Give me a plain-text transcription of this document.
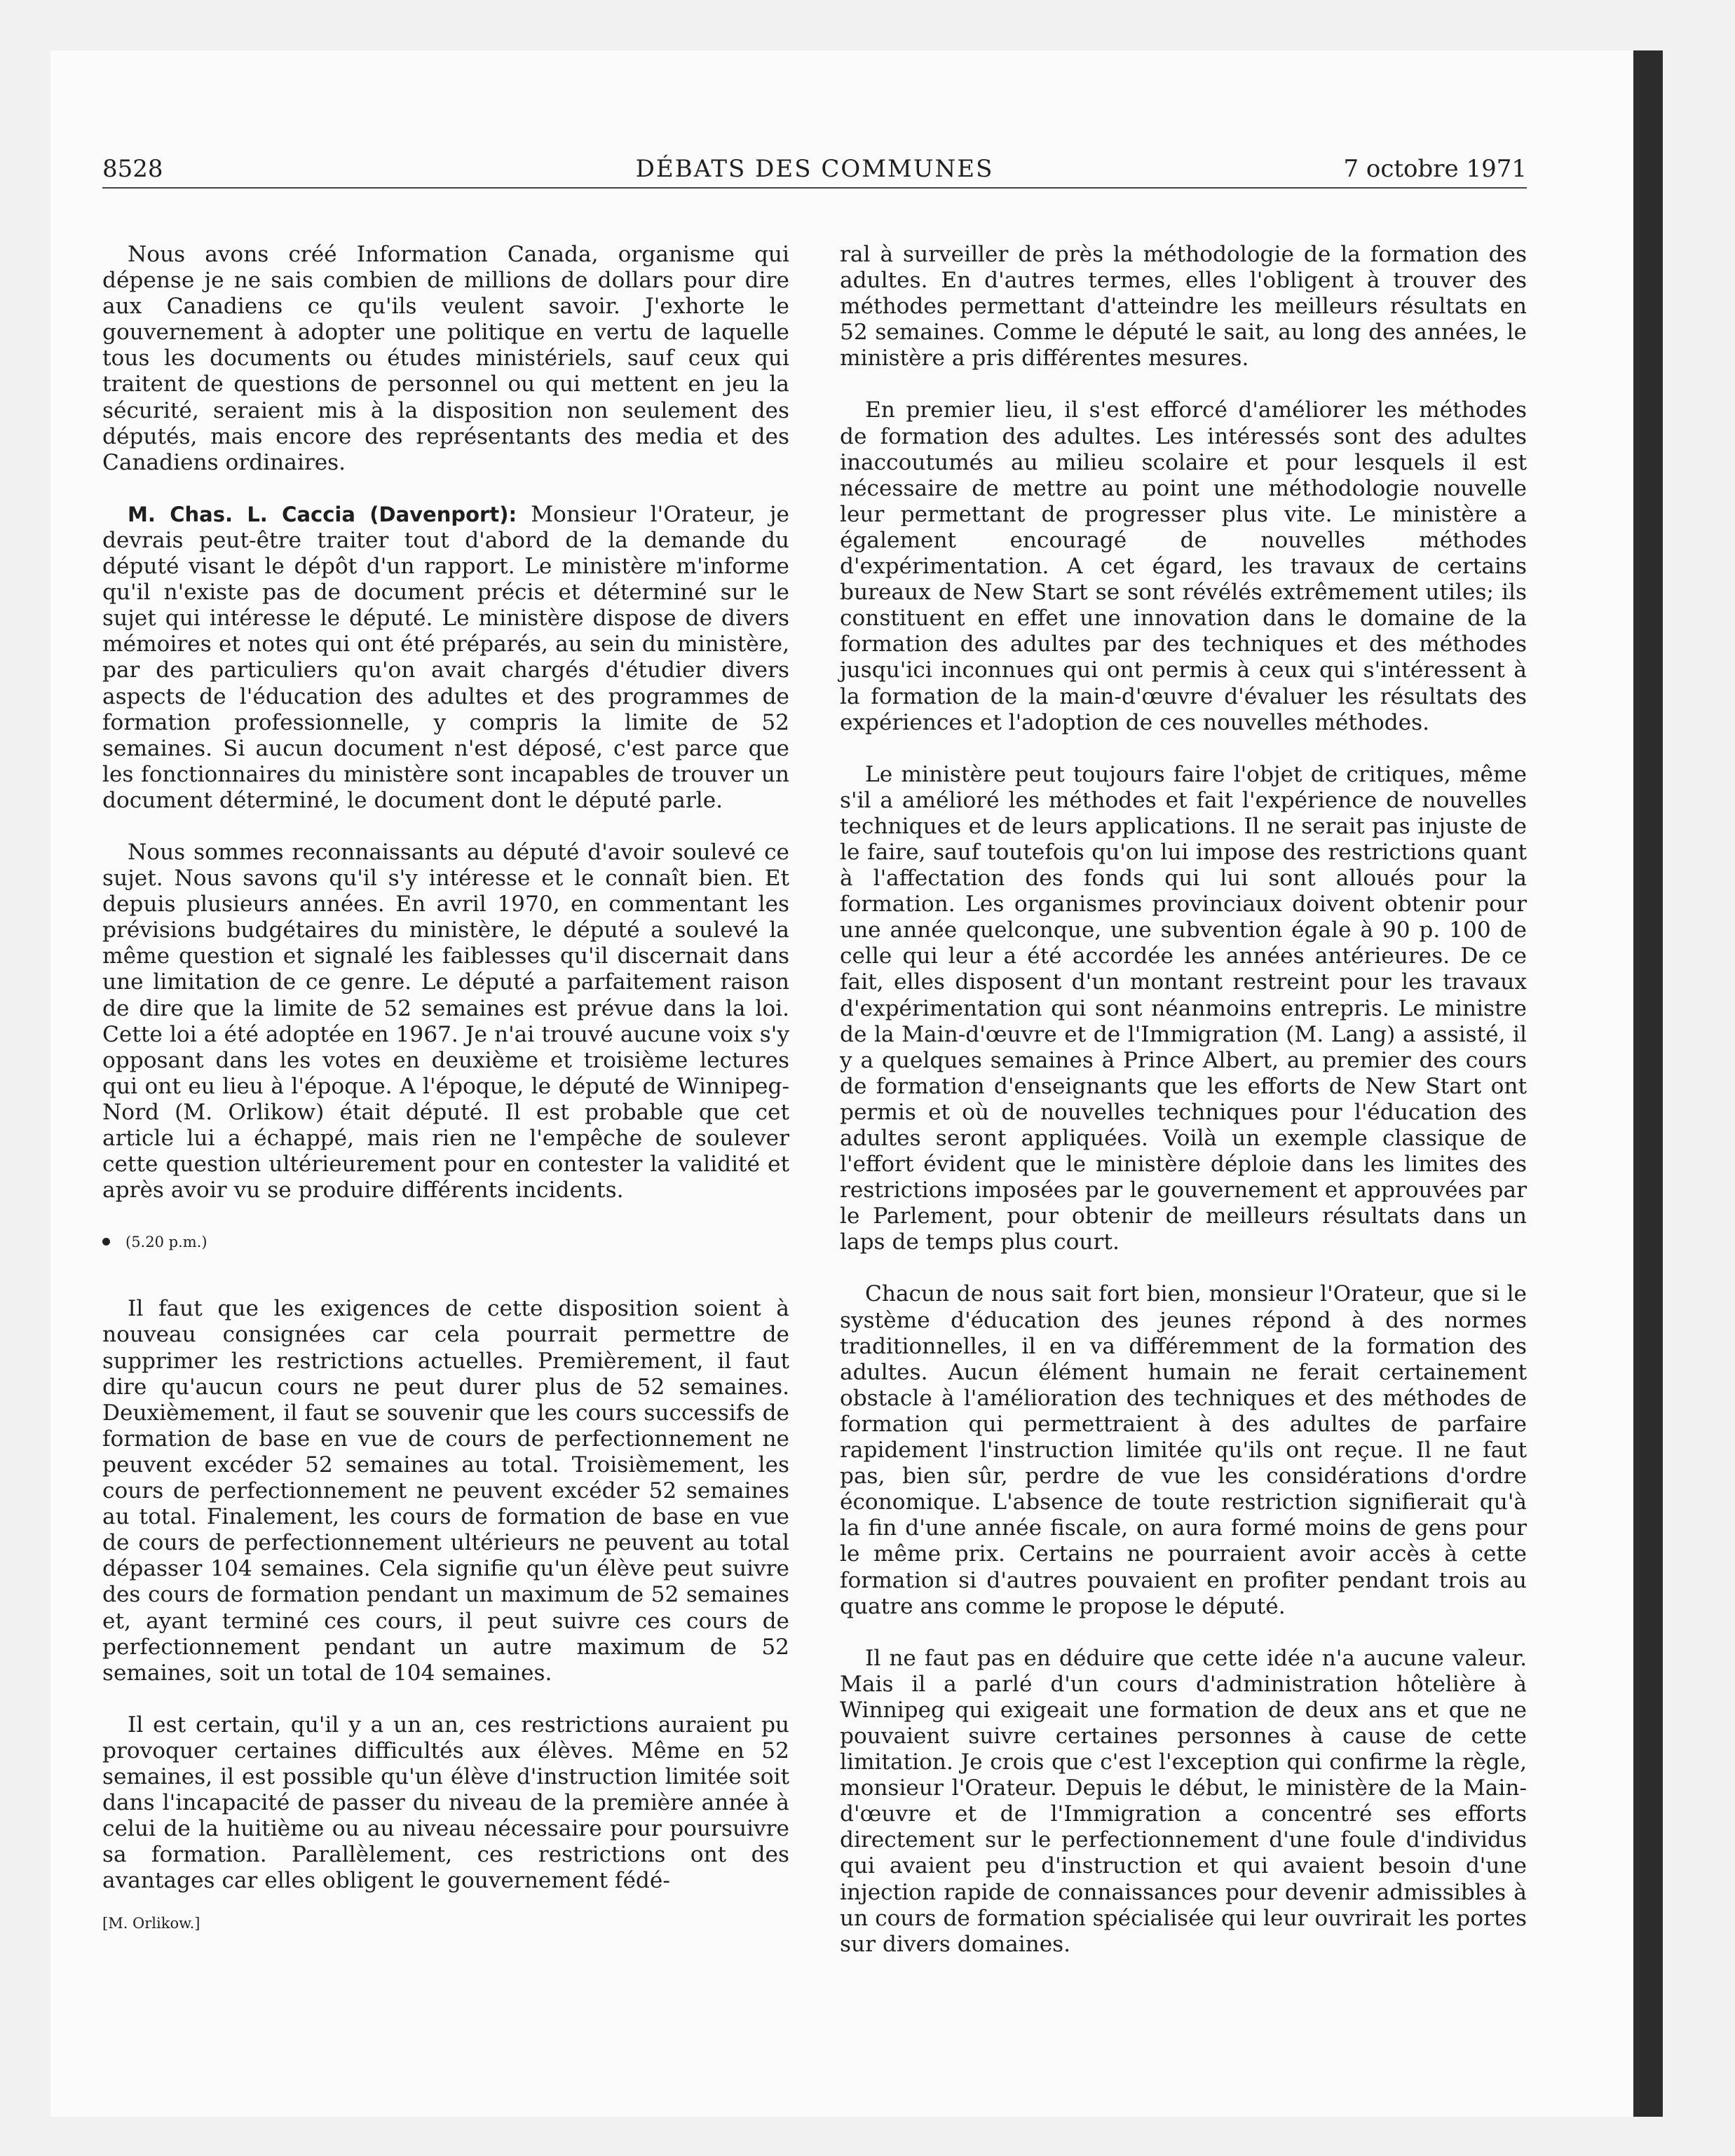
8528	DÉBATS DES COMMUNES	7 octobre 1971

Nous avons créé Information Canada, organisme qui dépense je ne sais combien de millions de dollars pour dire aux Canadiens ce qu'ils veulent savoir. J'exhorte le gouvernement à adopter une politique en vertu de laquelle tous les documents ou études ministériels, sauf ceux qui traitent de questions de personnel ou qui mettent en jeu la sécurité, seraient mis à la disposition non seulement des députés, mais encore des représentants des media et des Canadiens ordinaires.

M. Chas. L. Caccia (Davenport): Monsieur l'Orateur, je devrais peut-être traiter tout d'abord de la demande du député visant le dépôt d'un rapport. Le ministère m'informe qu'il n'existe pas de document précis et déterminé sur le sujet qui intéresse le député. Le ministère dispose de divers mémoires et notes qui ont été préparés, au sein du ministère, par des particuliers qu'on avait chargés d'étudier divers aspects de l'éducation des adultes et des programmes de formation professionnelle, y compris la limite de 52 semaines. Si aucun document n'est déposé, c'est parce que les fonctionnaires du ministère sont incapables de trouver un document déterminé, le document dont le député parle.

Nous sommes reconnaissants au député d'avoir soulevé ce sujet. Nous savons qu'il s'y intéresse et le connaît bien. Et depuis plusieurs années. En avril 1970, en commentant les prévisions budgétaires du ministère, le député a soulevé la même question et signalé les faiblesses qu'il discernait dans une limitation de ce genre. Le député a parfaitement raison de dire que la limite de 52 semaines est prévue dans la loi. Cette loi a été adoptée en 1967. Je n'ai trouvé aucune voix s'y opposant dans les votes en deuxième et troisième lectures qui ont eu lieu à l'époque. A l'époque, le député de Winnipeg-Nord (M. Orlikow) était député. Il est probable que cet article lui a échappé, mais rien ne l'empêche de soulever cette question ultérieurement pour en contester la validité et après avoir vu se produire différents incidents.

(5.20 p.m.)

Il faut que les exigences de cette disposition soient à nouveau consignées car cela pourrait permettre de supprimer les restrictions actuelles. Premièrement, il faut dire qu'aucun cours ne peut durer plus de 52 semaines. Deuxièmement, il faut se souvenir que les cours successifs de formation de base en vue de cours de perfectionnement ne peuvent excéder 52 semaines au total. Troisièmement, les cours de perfectionnement ne peuvent excéder 52 semaines au total. Finalement, les cours de formation de base en vue de cours de perfectionnement ultérieurs ne peuvent au total dépasser 104 semaines. Cela signifie qu'un élève peut suivre des cours de formation pendant un maximum de 52 semaines et, ayant terminé ces cours, il peut suivre ces cours de perfectionnement pendant un autre maximum de 52 semaines, soit un total de 104 semaines.

Il est certain, qu'il y a un an, ces restrictions auraient pu provoquer certaines difficultés aux élèves. Même en 52 semaines, il est possible qu'un élève d'instruction limitée soit dans l'incapacité de passer du niveau de la première année à celui de la huitième ou au niveau nécessaire pour poursuivre sa formation. Parallèlement, ces restrictions ont des avantages car elles obligent le gouvernement fédé-

[M. Orlikow.]

ral à surveiller de près la méthodologie de la formation des adultes. En d'autres termes, elles l'obligent à trouver des méthodes permettant d'atteindre les meilleurs résultats en 52 semaines. Comme le député le sait, au long des années, le ministère a pris différentes mesures.

En premier lieu, il s'est efforcé d'améliorer les méthodes de formation des adultes. Les intéressés sont des adultes inaccoutumés au milieu scolaire et pour lesquels il est nécessaire de mettre au point une méthodologie nouvelle leur permettant de progresser plus vite. Le ministère a également encouragé de nouvelles méthodes d'expérimentation. A cet égard, les travaux de certains bureaux de New Start se sont révélés extrêmement utiles; ils constituent en effet une innovation dans le domaine de la formation des adultes par des techniques et des méthodes jusqu'ici inconnues qui ont permis à ceux qui s'intéressent à la formation de la main-d'œuvre d'évaluer les résultats des expériences et l'adoption de ces nouvelles méthodes.

Le ministère peut toujours faire l'objet de critiques, même s'il a amélioré les méthodes et fait l'expérience de nouvelles techniques et de leurs applications. Il ne serait pas injuste de le faire, sauf toutefois qu'on lui impose des restrictions quant à l'affectation des fonds qui lui sont alloués pour la formation. Les organismes provinciaux doivent obtenir pour une année quelconque, une subvention égale à 90 p. 100 de celle qui leur a été accordée les années antérieures. De ce fait, elles disposent d'un montant restreint pour les travaux d'expérimentation qui sont néanmoins entrepris. Le ministre de la Main-d'œuvre et de l'Immigration (M. Lang) a assisté, il y a quelques semaines à Prince Albert, au premier des cours de formation d'enseignants que les efforts de New Start ont permis et où de nouvelles techniques pour l'éducation des adultes seront appliquées. Voilà un exemple classique de l'effort évident que le ministère déploie dans les limites des restrictions imposées par le gouvernement et approuvées par le Parlement, pour obtenir de meilleurs résultats dans un laps de temps plus court.

Chacun de nous sait fort bien, monsieur l'Orateur, que si le système d'éducation des jeunes répond à des normes traditionnelles, il en va différemment de la formation des adultes. Aucun élément humain ne ferait certainement obstacle à l'amélioration des techniques et des méthodes de formation qui permettraient à des adultes de parfaire rapidement l'instruction limitée qu'ils ont reçue. Il ne faut pas, bien sûr, perdre de vue les considérations d'ordre économique. L'absence de toute restriction signifierait qu'à la fin d'une année fiscale, on aura formé moins de gens pour le même prix. Certains ne pourraient avoir accès à cette formation si d'autres pouvaient en profiter pendant trois au quatre ans comme le propose le député.

Il ne faut pas en déduire que cette idée n'a aucune valeur. Mais il a parlé d'un cours d'administration hôtelière à Winnipeg qui exigeait une formation de deux ans et que ne pouvaient suivre certaines personnes à cause de cette limitation. Je crois que c'est l'exception qui confirme la règle, monsieur l'Orateur. Depuis le début, le ministère de la Main-d'œuvre et de l'Immigration a concentré ses efforts directement sur le perfectionnement d'une foule d'individus qui avaient peu d'instruction et qui avaient besoin d'une injection rapide de connaissances pour devenir admissibles à un cours de formation spécialisée qui leur ouvrirait les portes sur divers domaines.
